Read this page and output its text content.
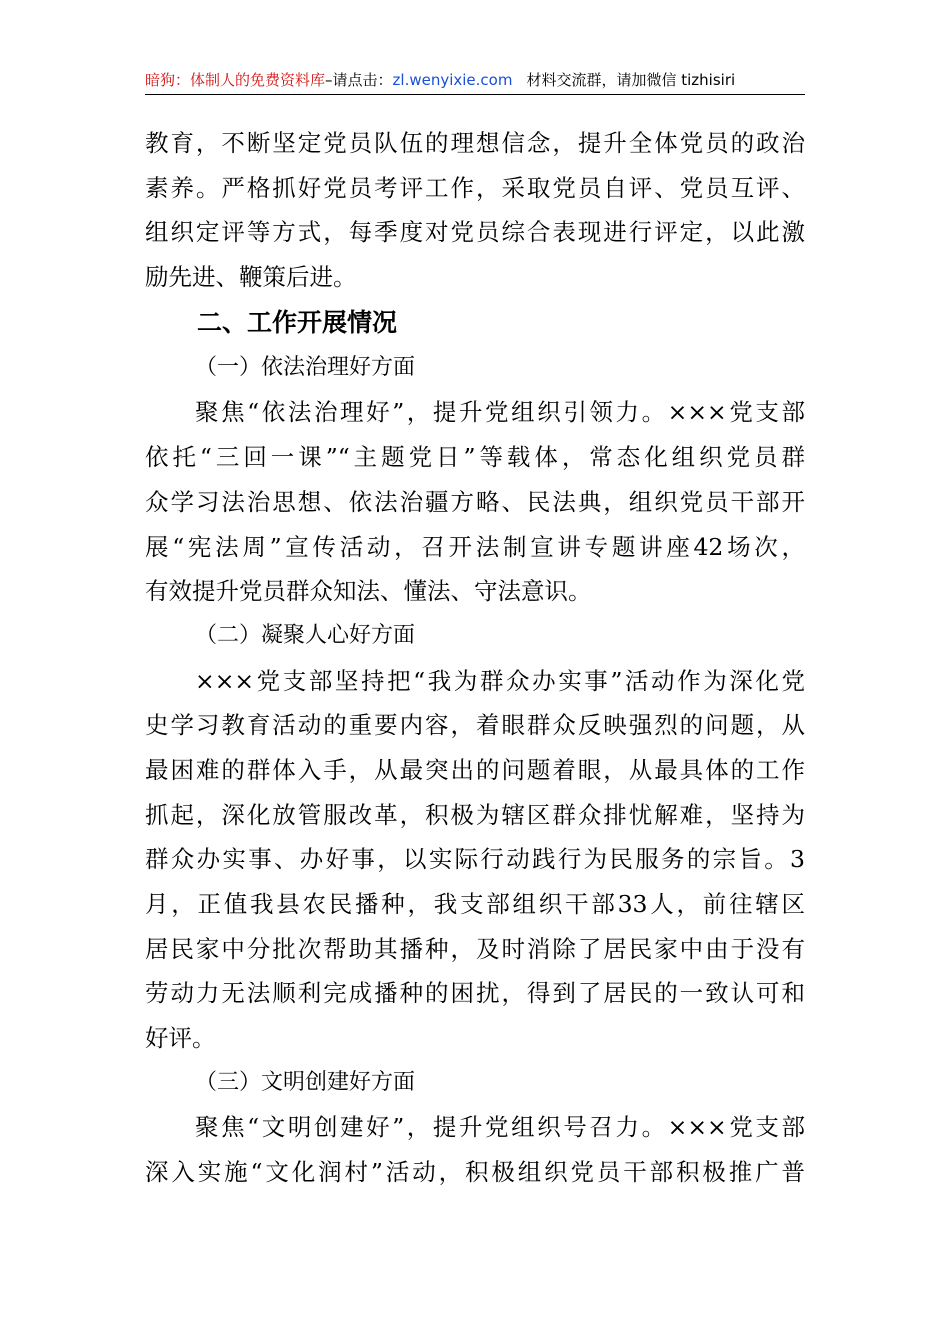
暗狗：体制人的免费资料库–请点击：zl.wenyixie.com 材料交流群，请加微信 tizhisiri
教育，不断坚定党员队伍的理想信念，提升全体党员的政治
素养。严格抓好党员考评工作，采取党员自评、党员互评、
组织定评等方式，每季度对党员综合表现进行评定，以此激
励先进、鞭策后进。
二、工作开展情况
（一）依法治理好方面
聚焦“依法治理好”，提升党组织引领力。×××党支部
依托“三回一课”“主题党日”等载体，常态化组织党员群
众学习法治思想、依法治疆方略、民法典，组织党员干部开
展“宪法周”宣传活动，召开法制宣讲专题讲座42场次，
有效提升党员群众知法、懂法、守法意识。
（二）凝聚人心好方面
×××党支部坚持把“我为群众办实事”活动作为深化党
史学习教育活动的重要内容，着眼群众反映强烈的问题，从
最困难的群体入手，从最突出的问题着眼，从最具体的工作
抓起，深化放管服改革，积极为辖区群众排忧解难，坚持为
群众办实事、办好事，以实际行动践行为民服务的宗旨。3
月，正值我县农民播种，我支部组织干部33人，前往辖区
居民家中分批次帮助其播种，及时消除了居民家中由于没有
劳动力无法顺利完成播种的困扰，得到了居民的一致认可和
好评。
（三）文明创建好方面
聚焦“文明创建好”，提升党组织号召力。×××党支部
深入实施“文化润村”活动，积极组织党员干部积极推广普
